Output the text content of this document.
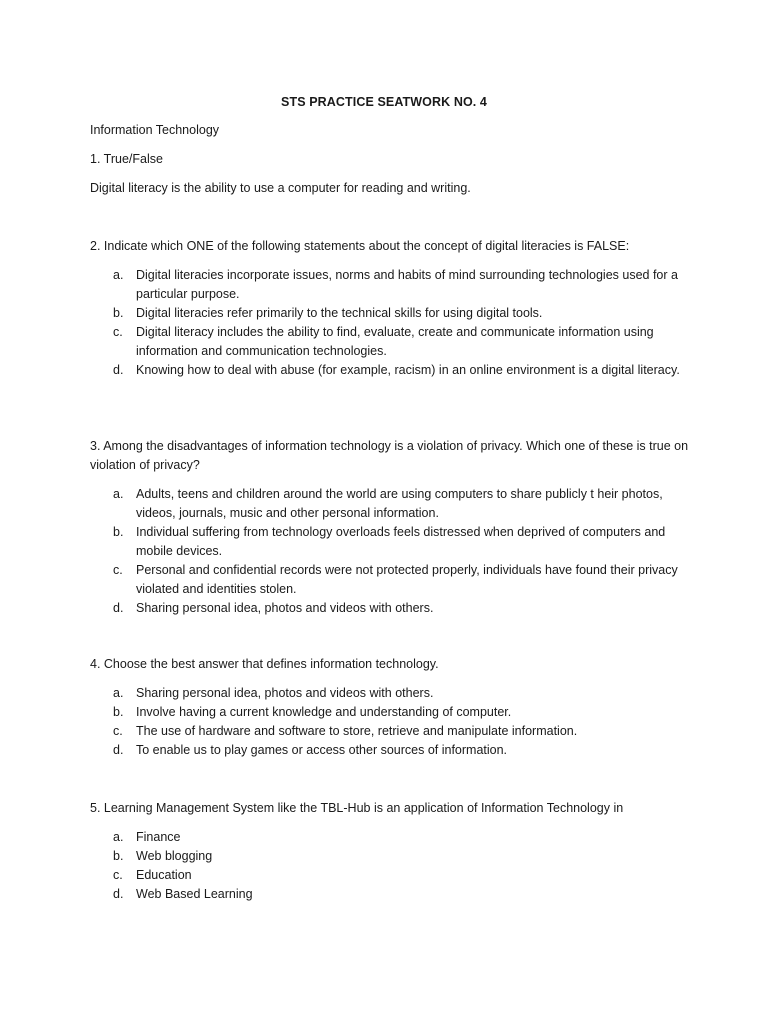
STS PRACTICE SEATWORK NO. 4

Information Technology

1. True/False

Digital literacy is the ability to use a computer for reading and writing.

2. Indicate which ONE of the following statements about the concept of digital literacies is FALSE:

a. Digital literacies incorporate issues, norms and habits of mind surrounding technologies used for a particular purpose.
b. Digital literacies refer primarily to the technical skills for using digital tools.
c. Digital literacy includes the ability to find, evaluate, create and communicate information using information and communication technologies.
d. Knowing how to deal with abuse (for example, racism) in an online environment is a digital literacy.

3. Among the disadvantages of information technology is a violation of privacy. Which one of these is true on violation of privacy?

a. Adults, teens and children around the world are using computers to share publicly t heir photos, videos, journals, music and other personal information.
b. Individual suffering from technology overloads feels distressed when deprived of computers and mobile devices.
c. Personal and confidential records were not protected properly, individuals have found their privacy violated and identities stolen.
d. Sharing personal idea, photos and videos with others.

4. Choose the best answer that defines information technology.

a. Sharing personal idea, photos and videos with others.
b. Involve having a current knowledge and understanding of computer.
c. The use of hardware and software to store, retrieve and manipulate information.
d. To enable us to play games or access other sources of information.

5. Learning Management System like the TBL-Hub is an application of Information Technology in

a. Finance
b. Web blogging
c. Education
d. Web Based Learning
